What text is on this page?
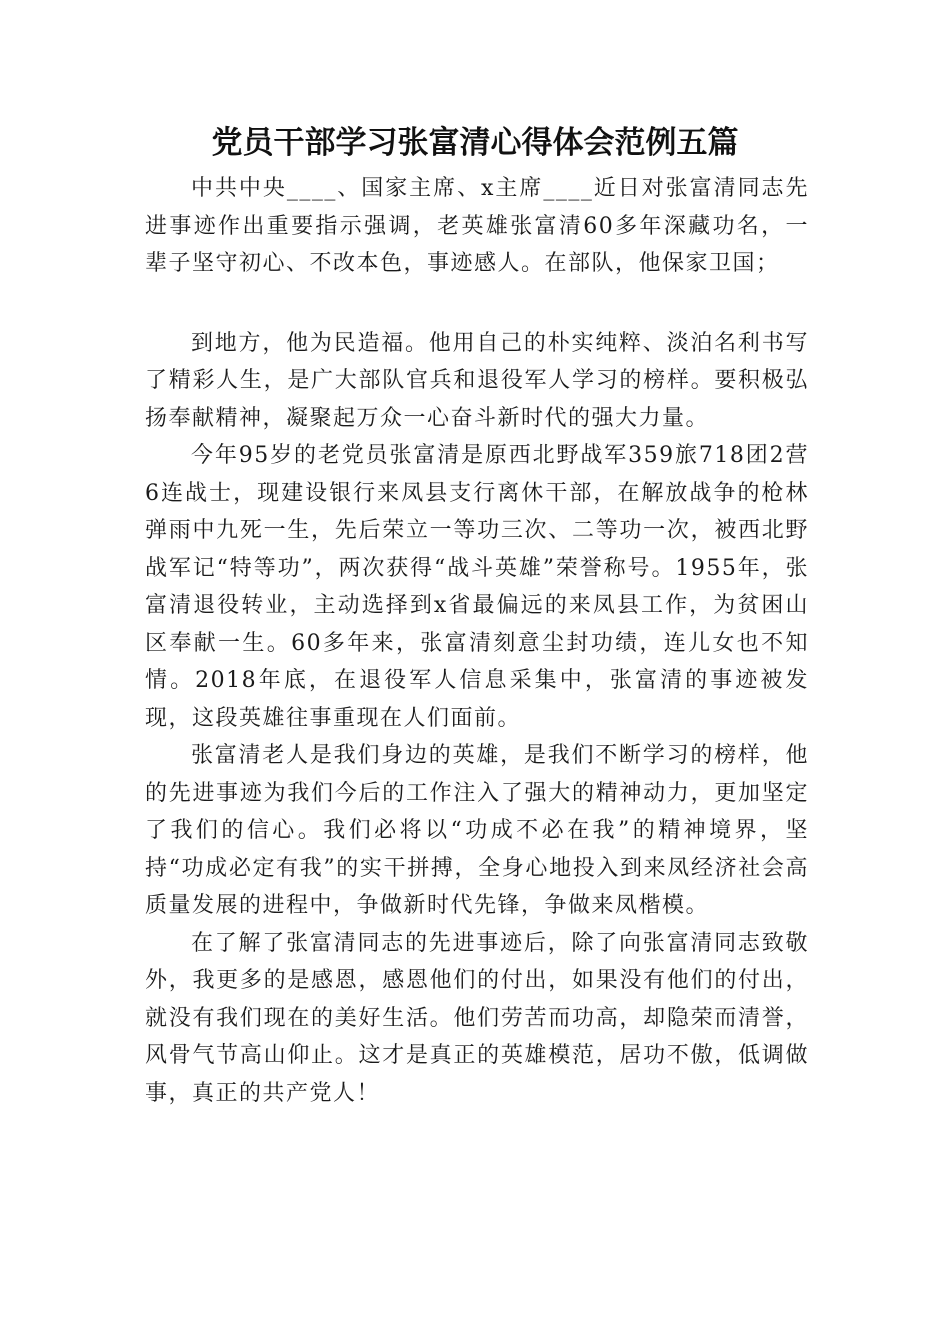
党员干部学习张富清心得体会范例五篇

中共中央____、国家主席、x主席____近日对张富清同志先进事迹作出重要指示强调，老英雄张富清60多年深藏功名，一辈子坚守初心、不改本色，事迹感人。在部队，他保家卫国；

到地方，他为民造福。他用自己的朴实纯粹、淡泊名利书写了精彩人生，是广大部队官兵和退役军人学习的榜样。要积极弘扬奉献精神，凝聚起万众一心奋斗新时代的强大力量。

今年95岁的老党员张富清是原西北野战军359旅718团2营6连战士，现建设银行来凤县支行离休干部，在解放战争的枪林弹雨中九死一生，先后荣立一等功三次、二等功一次，被西北野战军记“特等功”，两次获得“战斗英雄”荣誉称号。1955年，张富清退役转业，主动选择到x省最偏远的来凤县工作，为贫困山区奉献一生。60多年来，张富清刻意尘封功绩，连儿女也不知情。2018年底，在退役军人信息采集中，张富清的事迹被发现，这段英雄往事重现在人们面前。

张富清老人是我们身边的英雄，是我们不断学习的榜样，他的先进事迹为我们今后的工作注入了强大的精神动力，更加坚定了我们的信心。我们必将以“功成不必在我”的精神境界，坚持“功成必定有我”的实干拼搏，全身心地投入到来凤经济社会高质量发展的进程中，争做新时代先锋，争做来凤楷模。

在了解了张富清同志的先进事迹后，除了向张富清同志致敬外，我更多的是感恩，感恩他们的付出，如果没有他们的付出，就没有我们现在的美好生活。他们劳苦而功高，却隐荣而清誉，风骨气节高山仰止。这才是真正的英雄模范，居功不傲，低调做事，真正的共产党人！
